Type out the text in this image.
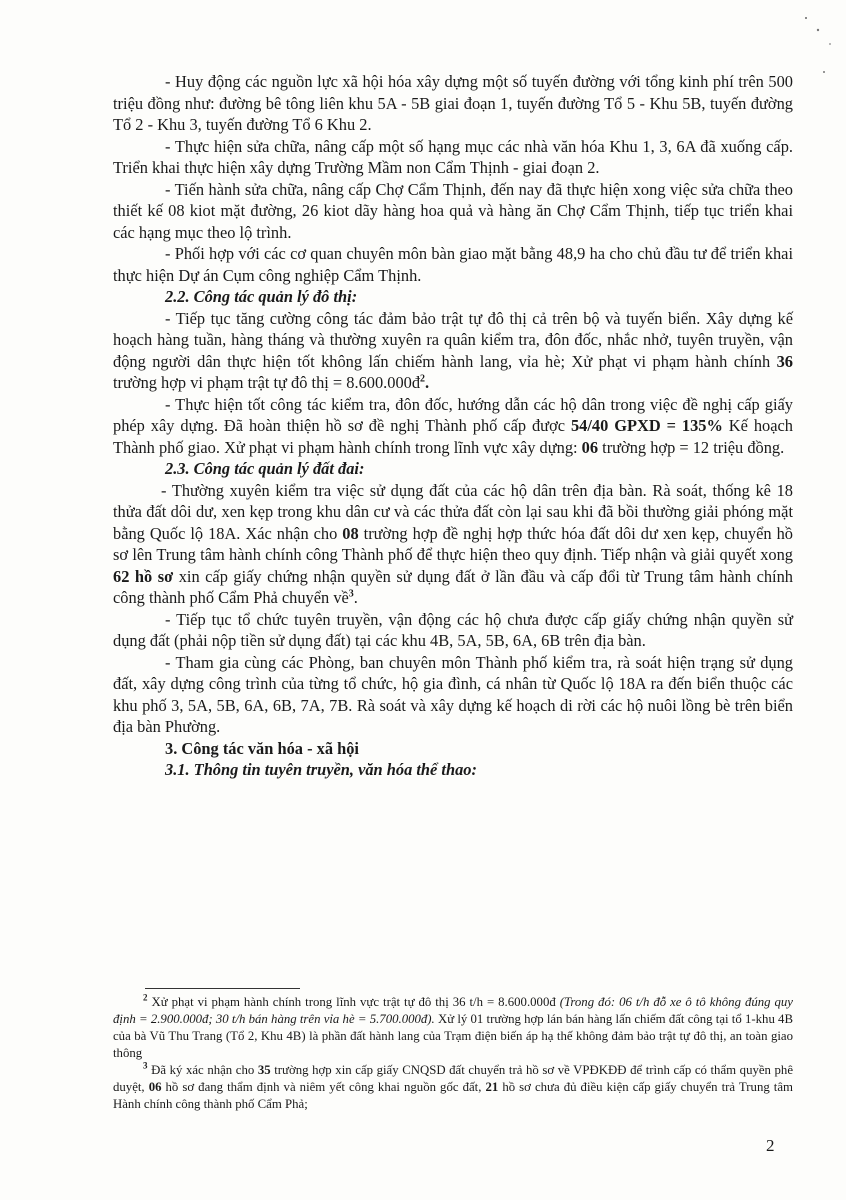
- Huy động các nguồn lực xã hội hóa xây dựng một số tuyến đường với tổng kinh phí trên 500 triệu đồng như: đường bê tông liên khu 5A - 5B giai đoạn 1, tuyến đường Tổ 5 - Khu 5B, tuyến đường Tổ 2 - Khu 3, tuyến đường Tổ 6 Khu 2.

- Thực hiện sửa chữa, nâng cấp một số hạng mục các nhà văn hóa Khu 1, 3, 6A đã xuống cấp. Triển khai thực hiện xây dựng Trường Mầm non Cẩm Thịnh - giai đoạn 2.

- Tiến hành sửa chữa, nâng cấp Chợ Cẩm Thịnh, đến nay đã thực hiện xong việc sửa chữa theo thiết kế 08 kiot mặt đường, 26 kiot dãy hàng hoa quả và hàng ăn Chợ Cẩm Thịnh, tiếp tục triển khai các hạng mục theo lộ trình.

- Phối hợp với các cơ quan chuyên môn bàn giao mặt bằng 48,9 ha cho chủ đầu tư để triển khai thực hiện Dự án Cụm công nghiệp Cẩm Thịnh.

2.2. Công tác quản lý đô thị:

- Tiếp tục tăng cường công tác đảm bảo trật tự đô thị cả trên bộ và tuyến biển. Xây dựng kế hoạch hàng tuần, hàng tháng và thường xuyên ra quân kiểm tra, đôn đốc, nhắc nhở, tuyên truyền, vận động người dân thực hiện tốt không lấn chiếm hành lang, vỉa hè; Xử phạt vi phạm hành chính 36 trường hợp vi phạm trật tự đô thị = $8.600.000đ^2$.

- Thực hiện tốt công tác kiểm tra, đôn đốc, hướng dẫn các hộ dân trong việc đề nghị cấp giấy phép xây dựng. Đã hoàn thiện hồ sơ đề nghị Thành phố cấp được 54/40 GPXD = 135% Kế hoạch Thành phố giao. Xử phạt vi phạm hành chính trong lĩnh vực xây dựng: 06 trường hợp = 12 triệu đồng.

2.3. Công tác quản lý đất đai:

- Thường xuyên kiểm tra việc sử dụng đất của các hộ dân trên địa bàn. Rà soát, thống kê 18 thửa đất dôi dư, xen kẹp trong khu dân cư và các thửa đất còn lại sau khi đã bồi thường giải phóng mặt bằng Quốc lộ 18A. Xác nhận cho 08 trường hợp đề nghị hợp thức hóa đất dôi dư xen kẹp, chuyển hồ sơ lên Trung tâm hành chính công Thành phố để thực hiện theo quy định. Tiếp nhận và giải quyết xong 62 hồ sơ xin cấp giấy chứng nhận quyền sử dụng đất ở lần đầu và cấp đổi từ Trung tâm hành chính công thành phố Cẩm Phả chuyển về$^3$.

- Tiếp tục tổ chức tuyên truyền, vận động các hộ chưa được cấp giấy chứng nhận quyền sử dụng đất (phải nộp tiền sử dụng đất) tại các khu 4B, 5A, 5B, 6A, 6B trên địa bàn.

- Tham gia cùng các Phòng, ban chuyên môn Thành phố kiểm tra, rà soát hiện trạng sử dụng đất, xây dựng công trình của từng tổ chức, hộ gia đình, cá nhân từ Quốc lộ 18A ra đến biển thuộc các khu phố 3, 5A, 5B, 6A, 6B, 7A, 7B. Rà soát và xây dựng kế hoạch di rời các hộ nuôi lồng bè trên biển địa bàn Phường.

3. Công tác văn hóa - xã hội

3.1. Thông tin tuyên truyền, văn hóa thể thao:

$^2$ Xử phạt vi phạm hành chính trong lĩnh vực trật tự đô thị 36 t/h = 8.600.000đ (Trong đó: 06 t/h đỗ xe ô tô không đúng quy định = 2.900.000đ; 30 t/h bán hàng trên vỉa hè = 5.700.000đ). Xử lý 01 trường hợp lán bán hàng lấn chiếm đất công tại tổ 1-khu 4B của bà Vũ Thu Trang (Tổ 2, Khu 4B) là phần đất hành lang của Trạm điện biến áp hạ thế không đảm bảo trật tự đô thị, an toàn giao thông

$^3$ Đã ký xác nhận cho 35 trường hợp xin cấp giấy CNQSD đất chuyển trả hồ sơ về VPĐKĐĐ để trình cấp có thẩm quyền phê duyệt, 06 hồ sơ đang thẩm định và niêm yết công khai nguồn gốc đất, 21 hồ sơ chưa đủ điều kiện cấp giấy chuyển trả Trung tâm Hành chính công thành phố Cẩm Phả;

2
